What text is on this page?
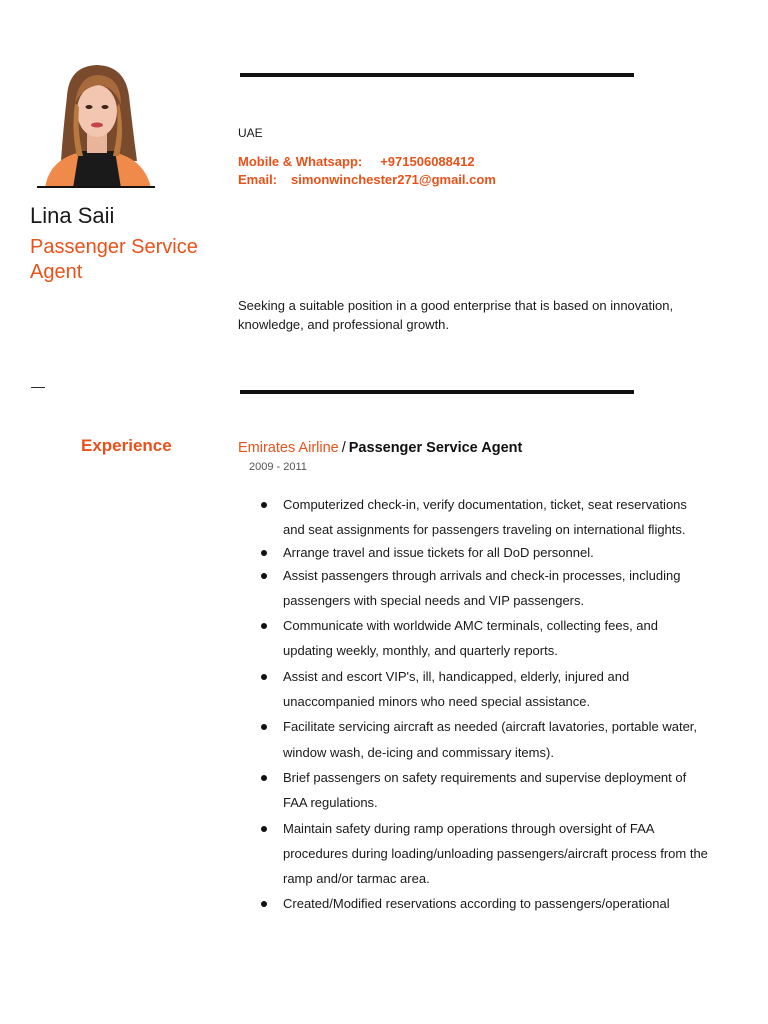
Lina Saii
Passenger Service Agent
UAE
Mobile & Whatsapp: +971506088412
Email: simonwinchester271@gmail.com
Seeking a suitable position in a good enterprise that is based on innovation, knowledge, and professional growth.
—
Experience	Emirates Airline / Passenger Service Agent
2009 - 2011
Computerized check-in, verify documentation, ticket, seat reservations and seat assignments for passengers traveling on international flights.
Arrange travel and issue tickets for all DoD personnel.
Assist passengers through arrivals and check-in processes, including passengers with special needs and VIP passengers.
Communicate with worldwide AMC terminals, collecting fees, and updating weekly, monthly, and quarterly reports.
Assist and escort VIP's, ill, handicapped, elderly, injured and unaccompanied minors who need special assistance.
Facilitate servicing aircraft as needed (aircraft lavatories, portable water, window wash, de-icing and commissary items).
Brief passengers on safety requirements and supervise deployment of FAA regulations.
Maintain safety during ramp operations through oversight of FAA procedures during loading/unloading passengers/aircraft process from the ramp and/or tarmac area.
Created/Modified reservations according to passengers/operational
